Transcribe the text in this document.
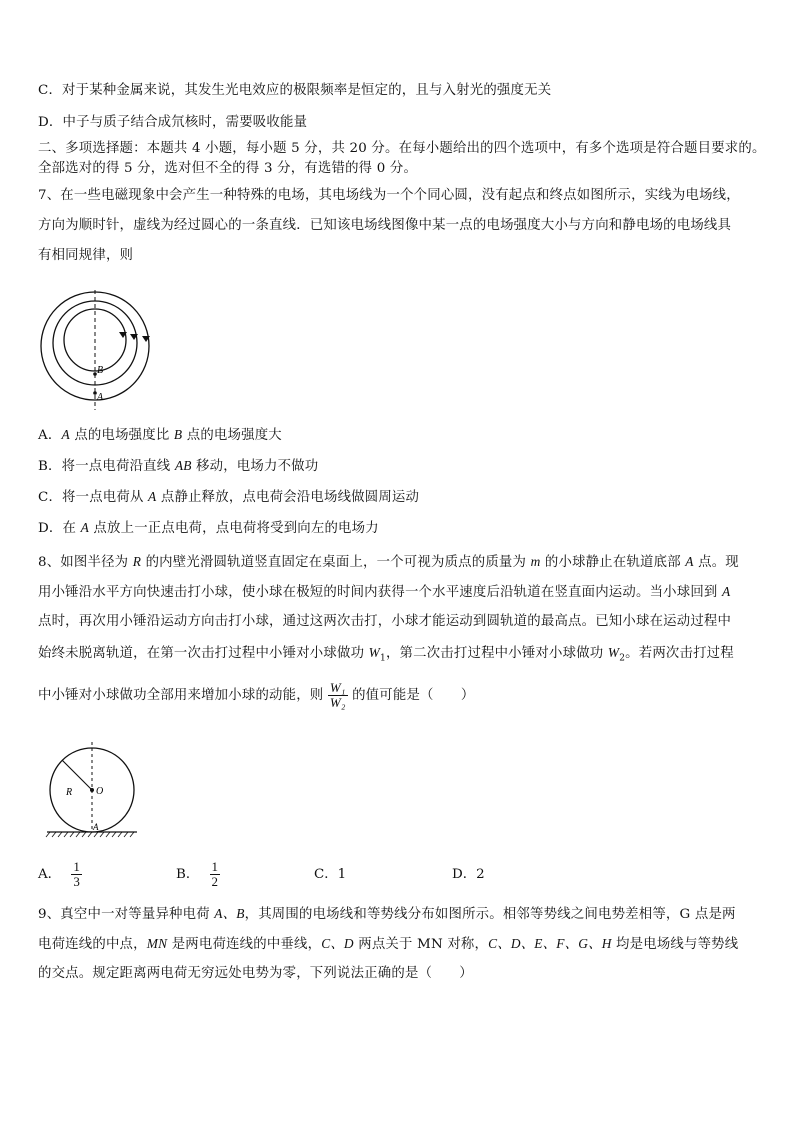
C．对于某种金属来说，其发生光电效应的极限频率是恒定的，且与入射光的强度无关
D．中子与质子结合成氘核时，需要吸收能量
二、多项选择题：本题共 4 小题，每小题 5 分，共 20 分。在每小题给出的四个选项中，有多个选项是符合题目要求的。
全部选对的得 5 分，选对但不全的得 3 分，有选错的得 0 分。
7、在一些电磁现象中会产生一种特殊的电场，其电场线为一个个同心圆，没有起点和终点如图所示，实线为电场线，
方向为顺时针，虚线为经过圆心的一条直线．已知该电场线图像中某一点的电场强度大小与方向和静电场的电场线具
有相同规律，则
B
A
A．A 点的电场强度比 B 点的电场强度大
B．将一点电荷沿直线 AB 移动，电场力不做功
C．将一点电荷从 A 点静止释放，点电荷会沿电场线做圆周运动
D．在 A 点放上一正点电荷，点电荷将受到向左的电场力
8、如图半径为 R 的内壁光滑圆轨道竖直固定在桌面上，一个可视为质点的质量为 m 的小球静止在轨道底部 A 点。现
用小锤沿水平方向快速击打小球，使小球在极短的时间内获得一个水平速度后沿轨道在竖直面内运动。当小球回到 A
点时，再次用小锤沿运动方向击打小球，通过这两次击打，小球才能运动到圆轨道的最高点。已知小球在运动过程中
始终未脱离轨道，在第一次击打过程中小锤对小球做功 $W_1$，第二次击打过程中小锤对小球做功 $W_2$。若两次击打过程
中小锤对小球做功全部用来增加小球的动能，则 $\frac{\text{W₁}}{\text{W₂}}$ 的值可能是（　　）
R O
A
A． $\frac{1}{3}$	B． $\frac{1}{2}$	C．1	D．2
9、真空中一对等量异种电荷 A、B，其周围的电场线和等势线分布如图所示。相邻等势线之间电势差相等，G 点是两
电荷连线的中点，MN 是两电荷连线的中垂线，C、D 两点关于 MN 对称，C、D、E、F、G、H 均是电场线与等势线
的交点。规定距离两电荷无穷远处电势为零，下列说法正确的是（　　）
